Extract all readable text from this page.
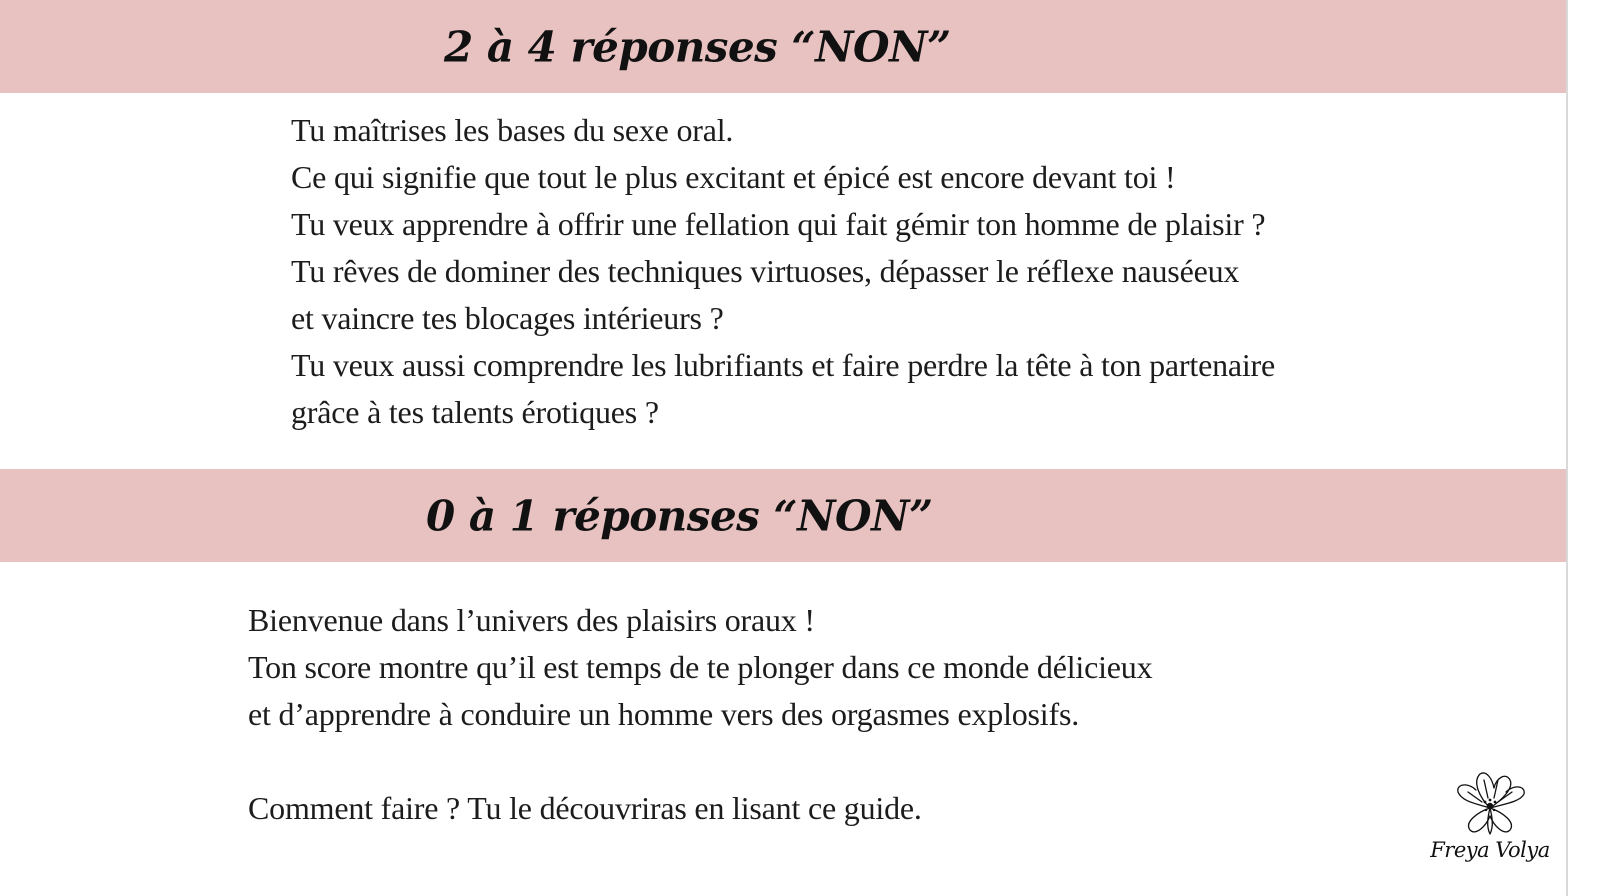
2 à 4 réponses “NON”

Tu maîtrises les bases du sexe oral.

Ce qui signifie que tout le plus excitant et épicé est encore devant toi !

Tu veux apprendre à offrir une fellation qui fait gémir ton homme de plaisir ?

Tu rêves de dominer des techniques virtuoses, dépasser le réflexe nauséeux

et vaincre tes blocages intérieurs ?

Tu veux aussi comprendre les lubrifiants et faire perdre la tête à ton partenaire

grâce à tes talents érotiques ?

0 à 1 réponses “NON”

Bienvenue dans l’univers des plaisirs oraux !

Ton score montre qu’il est temps de te plonger dans ce monde délicieux

et d’apprendre à conduire un homme vers des orgasmes explosifs.

Comment faire ? Tu le découvriras en lisant ce guide.

Freya Volya
